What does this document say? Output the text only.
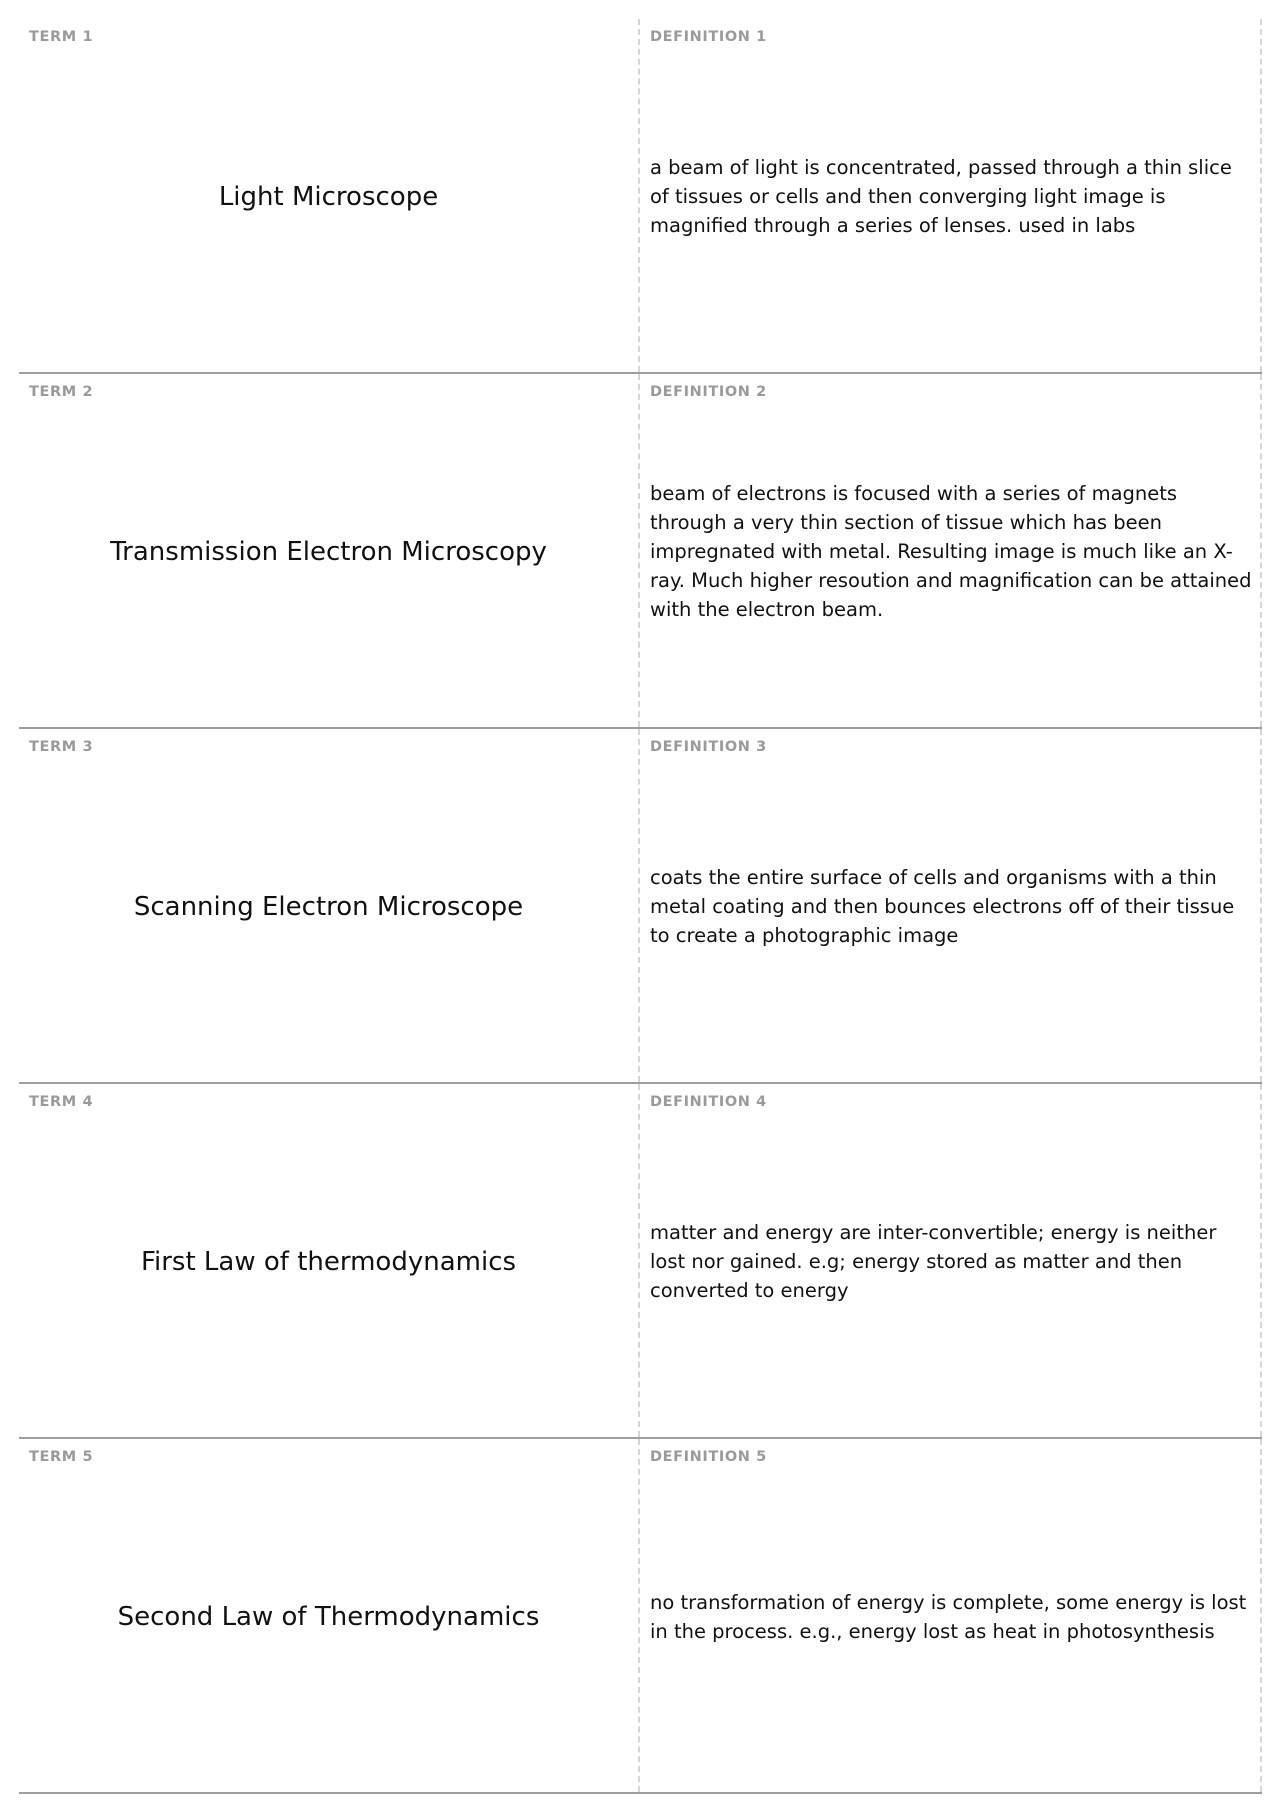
TERM 1
Light Microscope
DEFINITION 1
a beam of light is concentrated, passed through a thin slice of tissues or cells and then converging light image is magnified through a series of lenses. used in labs
TERM 2
Transmission Electron Microscopy
DEFINITION 2
beam of electrons is focused with a series of magnets through a very thin section of tissue which has been impregnated with metal. Resulting image is much like an X-ray. Much higher resoution and magnification can be attained with the electron beam.
TERM 3
Scanning Electron Microscope
DEFINITION 3
coats the entire surface of cells and organisms with a thin metal coating and then bounces electrons off of their tissue to create a photographic image
TERM 4
First Law of thermodynamics
DEFINITION 4
matter and energy are inter-convertible; energy is neither lost nor gained. e.g; energy stored as matter and then converted to energy
TERM 5
Second Law of Thermodynamics
DEFINITION 5
no transformation of energy is complete, some energy is lost in the process. e.g., energy lost as heat in photosynthesis
